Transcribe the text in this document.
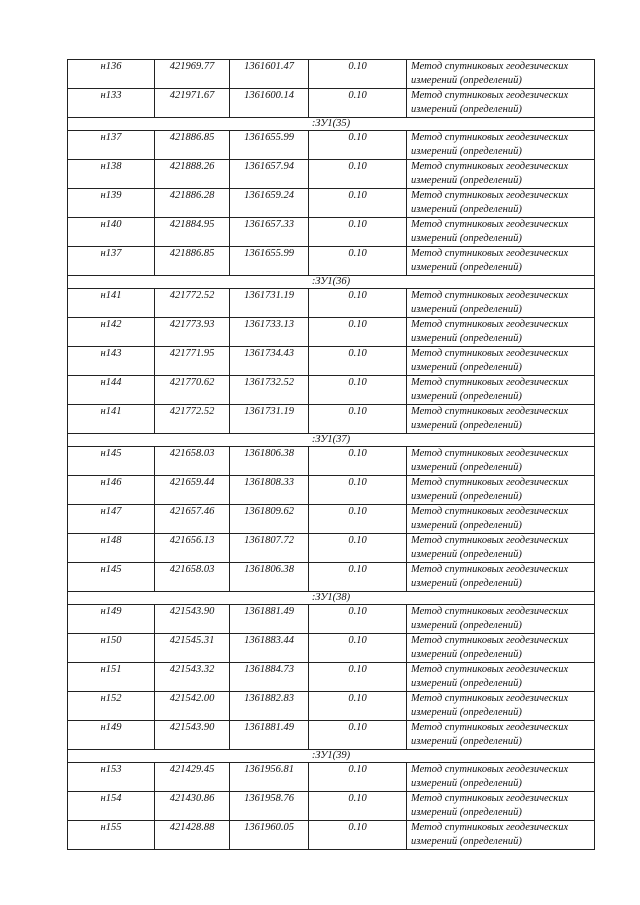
н136	421969.77	1361601.47	0.10	Метод спутниковых геодезических измерений (определений)
н133	421971.67	1361600.14	0.10	Метод спутниковых геодезических измерений (определений)
:ЗУ1(35)				
н137	421886.85	1361655.99	0.10	Метод спутниковых геодезических измерений (определений)
н138	421888.26	1361657.94	0.10	Метод спутниковых геодезических измерений (определений)
н139	421886.28	1361659.24	0.10	Метод спутниковых геодезических измерений (определений)
н140	421884.95	1361657.33	0.10	Метод спутниковых геодезических измерений (определений)
н137	421886.85	1361655.99	0.10	Метод спутниковых геодезических измерений (определений)
:ЗУ1(36)				
н141	421772.52	1361731.19	0.10	Метод спутниковых геодезических измерений (определений)
н142	421773.93	1361733.13	0.10	Метод спутниковых геодезических измерений (определений)
н143	421771.95	1361734.43	0.10	Метод спутниковых геодезических измерений (определений)
н144	421770.62	1361732.52	0.10	Метод спутниковых геодезических измерений (определений)
н141	421772.52	1361731.19	0.10	Метод спутниковых геодезических измерений (определений)
:ЗУ1(37)				
н145	421658.03	1361806.38	0.10	Метод спутниковых геодезических измерений (определений)
н146	421659.44	1361808.33	0.10	Метод спутниковых геодезических измерений (определений)
н147	421657.46	1361809.62	0.10	Метод спутниковых геодезических измерений (определений)
н148	421656.13	1361807.72	0.10	Метод спутниковых геодезических измерений (определений)
н145	421658.03	1361806.38	0.10	Метод спутниковых геодезических измерений (определений)
:ЗУ1(38)				
н149	421543.90	1361881.49	0.10	Метод спутниковых геодезических измерений (определений)
н150	421545.31	1361883.44	0.10	Метод спутниковых геодезических измерений (определений)
н151	421543.32	1361884.73	0.10	Метод спутниковых геодезических измерений (определений)
н152	421542.00	1361882.83	0.10	Метод спутниковых геодезических измерений (определений)
н149	421543.90	1361881.49	0.10	Метод спутниковых геодезических измерений (определений)
:ЗУ1(39)				
н153	421429.45	1361956.81	0.10	Метод спутниковых геодезических измерений (определений)
н154	421430.86	1361958.76	0.10	Метод спутниковых геодезических измерений (определений)
н155	421428.88	1361960.05	0.10	Метод спутниковых геодезических измерений (определений)
